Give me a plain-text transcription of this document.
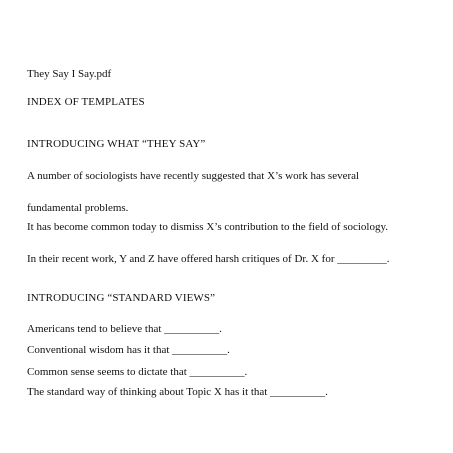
They Say I Say.pdf
INDEX OF TEMPLATES
INTRODUCING WHAT “THEY SAY”
A number of sociologists have recently suggested that X’s work has several
fundamental problems.
It has become common today to dismiss X’s contribution to the field of sociology.
In their recent work, Y and Z have offered harsh critiques of Dr. X for _________.
INTRODUCING “STANDARD VIEWS”
Americans tend to believe that __________.
Conventional wisdom has it that __________.
Common sense seems to dictate that __________.
The standard way of thinking about Topic X has it that __________.
